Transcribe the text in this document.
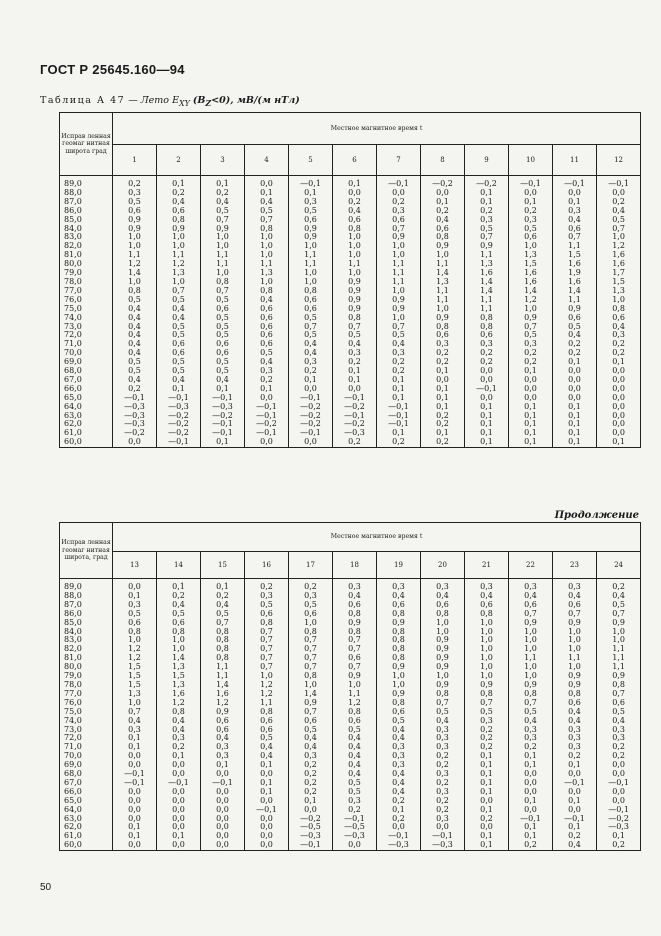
ГОСТ Р 25645.160—94
Таблица А 47 — Лето $E_{XY}$ $(B_Z<0)$, мВ/(м нТл)
Исправ ленная геомаг нитная широта град	Местное магнитное время t											
	1	2	3	4	5	6	7	8	9	10	11	12
89,0	0,2	0,1	0,1	0,0	—0,1	0,1	—0,1	—0,2	—0,2	—0,1	—0,1	—0,1
88,0	0,3	0,2	0,2	0,1	0,1	0,0	0,0	0,0	0,1	0,0	0,0	0,0
87,0	0,5	0,4	0,4	0,4	0,3	0,2	0,2	0,1	0,1	0,1	0,1	0,2
86,0	0,6	0,6	0,5	0,5	0,5	0,4	0,3	0,2	0,2	0,2	0,3	0,4
85,0	0,9	0,8	0,7	0,7	0,6	0,6	0,6	0,4	0,3	0,3	0,4	0,5
84,0	0,9	0,9	0,9	0,8	0,9	0,8	0,7	0,6	0,5	0,5	0,6	0,7
83,0	1,0	1,0	1,0	1,0	0,9	1,0	0,9	0,8	0,7	0,6	0,7	1,0
82,0	1,0	1,0	1,0	1,0	1,0	1,0	1,0	0,9	0,9	1,0	1,1	1,2
81,0	1,1	1,1	1,1	1,0	1,1	1,0	1,0	1,0	1,1	1,3	1,5	1,6
80,0	1,2	1,2	1,1	1,1	1,1	1,1	1,1	1,1	1,3	1,5	1,6	1,6
79,0	1,4	1,3	1,0	1,3	1,0	1,0	1,1	1,4	1,6	1,6	1,9	1,7
78,0	1,0	1,0	0,8	1,0	1,0	0,9	1,1	1,3	1,4	1,6	1,6	1,5
77,0	0,8	0,7	0,7	0,8	0,8	0,9	1,0	1,1	1,4	1,4	1,4	1,3
76,0	0,5	0,5	0,5	0,4	0,6	0,9	0,9	1,1	1,1	1,2	1,1	1,0
75,0	0,4	0,4	0,6	0,6	0,6	0,9	0,9	1,0	1,1	1,0	0,9	0,8
74,0	0,4	0,4	0,5	0,6	0,5	0,8	1,0	0,9	0,8	0,9	0,6	0,6
73,0	0,4	0,5	0,5	0,6	0,7	0,7	0,7	0,8	0,8	0,7	0,5	0,4
72,0	0,4	0,5	0,5	0,6	0,5	0,5	0,5	0,6	0,6	0,5	0,4	0,3
71,0	0,4	0,6	0,6	0,6	0,4	0,4	0,4	0,3	0,3	0,3	0,2	0,2
70,0	0,4	0,6	0,6	0,5	0,4	0,3	0,3	0,2	0,2	0,2	0,2	0,2
69,0	0,5	0,5	0,5	0,4	0,3	0,2	0,2	0,2	0,2	0,2	0,1	0,1
68,0	0,5	0,5	0,5	0,3	0,2	0,1	0,2	0,1	0,0	0,1	0,0	0,0
67,0	0,4	0,4	0,4	0,2	0,1	0,1	0,1	0,0	0,0	0,0	0,0	0,0
66,0	0,2	0,1	0,1	0,1	0,0	0,0	0,1	0,1	—0,1	0,0	0,0	0,0
65,0	—0,1	—0,1	—0,1	0,0	—0,1	—0,1	0,1	0,1	0,0	0,0	0,0	0,0
64,0	—0,3	—0,3	—0,3	—0,1	—0,2	—0,2	—0,1	0,1	0,1	0,1	0,1	0,0
63,0	—0,3	—0,2	—0,2	—0,1	—0,2	—0,1	—0,1	0,2	0,1	0,1	0,1	0,0
62,0	—0,3	—0,2	—0,1	—0,2	—0,2	—0,2	—0,1	0,2	0,1	0,1	0,1	0,0
61,0	—0,2	—0,2	—0,1	—0,1	—0,1	—0,3	0,1	0,1	0,1	0,1	0,1	0,0
60,0	0,0	—0,1	0,1	0,0	0,0	0,2	0,2	0,2	0,1	0,1	0,1	0,1
Продолжение
Исправ ленная геомаг нитная широта, град	Местное магнитное время t											
	13	14	15	16	17	18	19	20	21	22	23	24
89,0	0,0	0,1	0,1	0,2	0,2	0,3	0,3	0,3	0,3	0,3	0,3	0,2
88,0	0,1	0,2	0,2	0,3	0,3	0,4	0,4	0,4	0,4	0,4	0,4	0,4
87,0	0,3	0,4	0,4	0,5	0,5	0,6	0,6	0,6	0,6	0,6	0,6	0,5
86,0	0,5	0,5	0,5	0,6	0,6	0,8	0,8	0,8	0,8	0,7	0,7	0,7
85,0	0,6	0,6	0,7	0,8	1,0	0,9	0,9	1,0	1,0	0,9	0,9	0,9
84,0	0,8	0,8	0,8	0,7	0,8	0,8	0,8	1,0	1,0	1,0	1,0	1,0
83,0	1,0	1,0	0,8	0,7	0,7	0,7	0,8	0,9	1,0	1,0	1,0	1,0
82,0	1,2	1,0	0,8	0,7	0,7	0,7	0,8	0,9	1,0	1,0	1,0	1,1
81,0	1,2	1,4	0,8	0,7	0,7	0,6	0,8	0,9	1,0	1,1	1,1	1,1
80,0	1,5	1,3	1,1	0,7	0,7	0,7	0,9	0,9	1,0	1,0	1,0	1,1
79,0	1,5	1,5	1,1	1,0	0,8	0,9	1,0	1,0	1,0	1,0	0,9	0,9
78,0	1,5	1,3	1,4	1,2	1,0	1,0	1,0	0,9	0,9	0,9	0,9	0,8
77,0	1,3	1,6	1,6	1,2	1,4	1,1	0,9	0,8	0,8	0,8	0,8	0,7
76,0	1,0	1,2	1,2	1,1	0,9	1,2	0,8	0,7	0,7	0,7	0,6	0,6
75,0	0,7	0,8	0,9	0,8	0,7	0,8	0,6	0,5	0,5	0,5	0,4	0,5
74,0	0,4	0,4	0,6	0,6	0,6	0,6	0,5	0,4	0,3	0,4	0,4	0,4
73,0	0,3	0,4	0,6	0,6	0,5	0,5	0,4	0,3	0,2	0,3	0,3	0,3
72,0	0,1	0,3	0,4	0,5	0,4	0,4	0,4	0,3	0,2	0,3	0,3	0,3
71,0	0,1	0,2	0,3	0,4	0,4	0,4	0,3	0,3	0,2	0,2	0,3	0,2
70,0	0,0	0,1	0,3	0,4	0,3	0,4	0,3	0,2	0,1	0,1	0,2	0,2
69,0	0,0	0,0	0,1	0,1	0,2	0,4	0,3	0,2	0,1	0,1	0,1	0,0
68,0	—0,1	0,0	0,0	0,0	0,2	0,4	0,4	0,3	0,1	0,0	0,0	0,0
67,0	—0,1	—0,1	—0,1	0,1	0,2	0,5	0,4	0,2	0,1	0,0	—0,1	—0,1
66,0	0,0	0,0	0,0	0,1	0,2	0,5	0,4	0,3	0,1	0,0	0,0	0,0
65,0	0,0	0,0	0,0	0,0	0,1	0,3	0,2	0,2	0,0	0,1	0,1	0,0
64,0	0,0	0,0	0,0	—0,1	0,0	0,2	0,1	0,2	0,1	0,0	0,0	—0,1
63,0	0,0	0,0	0,0	0,0	—0,2	—0,1	0,2	0,3	0,2	—0,1	—0,1	—0,2
62,0	0,1	0,0	0,0	0,0	—0,5	—0,5	0,0	0,0	0,0	0,1	0,1	—0,3
61,0	0,1	0,1	0,0	0,0	—0,3	—0,3	—0,1	—0,1	0,1	0,1	0,2	0,1
60,0	0,0	0,0	0,0	0,0	—0,1	0,0	—0,3	—0,3	0,1	0,2	0,4	0,2
50
